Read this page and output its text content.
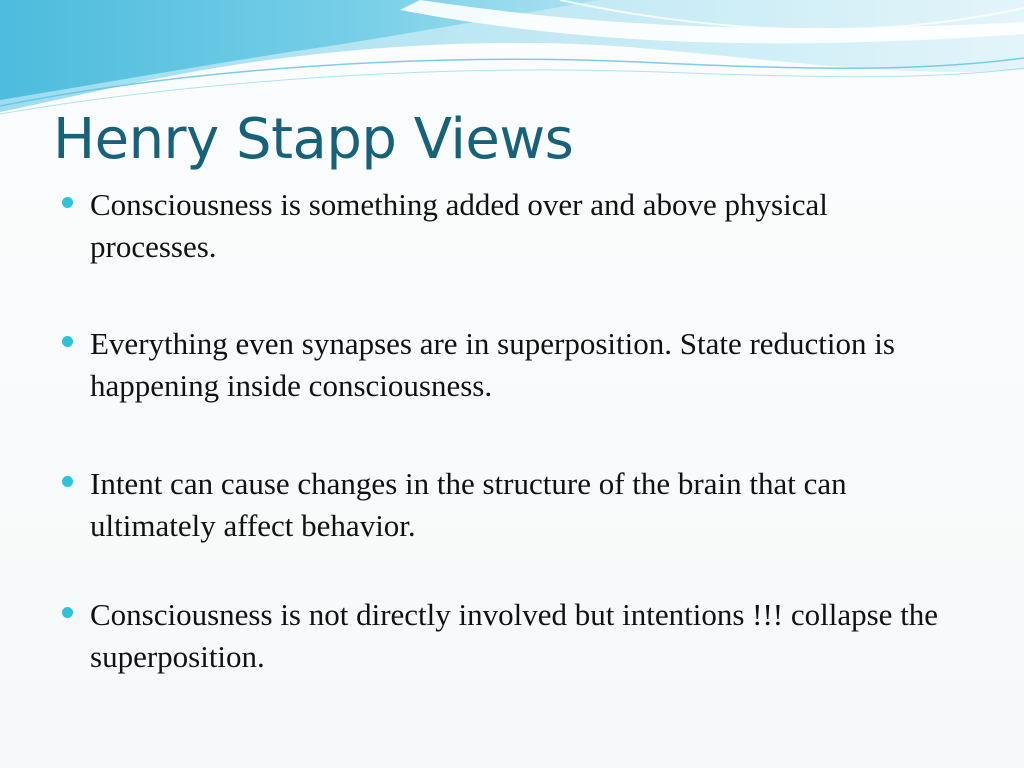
Henry Stapp Views
Consciousness is something added over and above physical processes.
Everything even synapses are in superposition. State reduction is happening inside consciousness.
Intent can cause changes in the structure of the brain that can ultimately affect behavior.
Consciousness is not directly involved but intentions !!! collapse the superposition.
